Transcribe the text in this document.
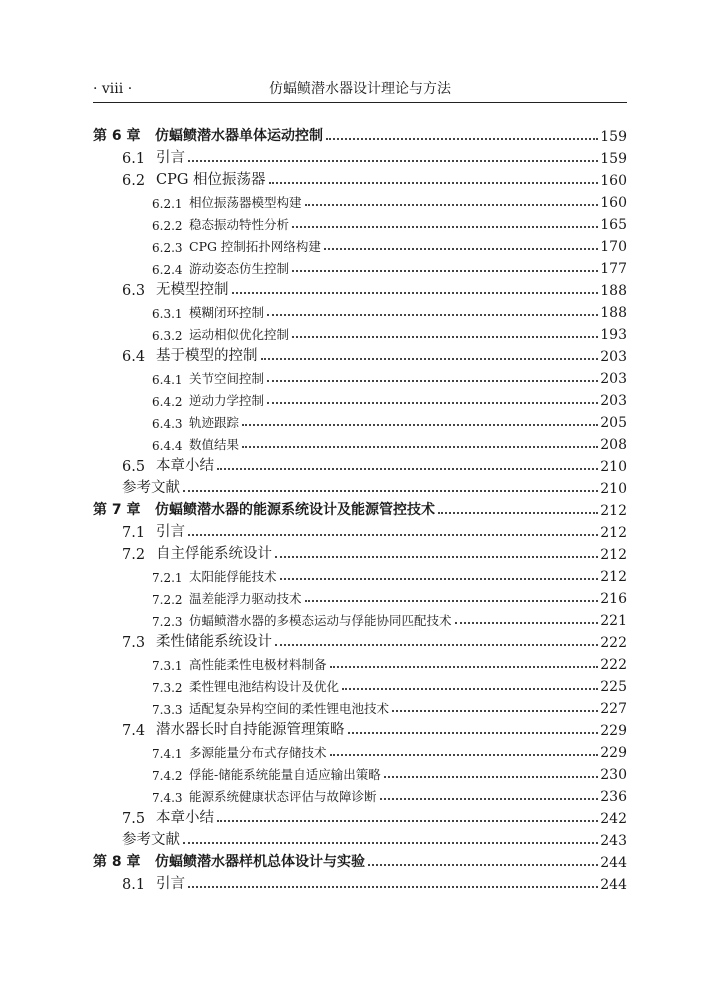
· viii ·	仿蝠鲼潜水器设计理论与方法
第 6 章	仿蝠鲼潜水器单体运动控制	159
6.1 引言	159
6.2 CPG 相位振荡器	160
6.2.1 相位振荡器模型构建	160
6.2.2 稳态振动特性分析	165
6.2.3 CPG 控制拓扑网络构建	170
6.2.4 游动姿态仿生控制	177
6.3 无模型控制	188
6.3.1 模糊闭环控制	188
6.3.2 运动相似优化控制	193
6.4 基于模型的控制	203
6.4.1 关节空间控制	203
6.4.2 逆动力学控制	203
6.4.3 轨迹跟踪	205
6.4.4 数值结果	208
6.5 本章小结	210
参考文献	210
第 7 章	仿蝠鲼潜水器的能源系统设计及能源管控技术	212
7.1 引言	212
7.2 自主俘能系统设计	212
7.2.1 太阳能俘能技术	212
7.2.2 温差能浮力驱动技术	216
7.2.3 仿蝠鲼潜水器的多模态运动与俘能协同匹配技术	221
7.3 柔性储能系统设计	222
7.3.1 高性能柔性电极材料制备	222
7.3.2 柔性锂电池结构设计及优化	225
7.3.3 适配复杂异构空间的柔性锂电池技术	227
7.4 潜水器长时自持能源管理策略	229
7.4.1 多源能量分布式存储技术	229
7.4.2 俘能-储能系统能量自适应输出策略	230
7.4.3 能源系统健康状态评估与故障诊断	236
7.5 本章小结	242
参考文献	243
第 8 章	仿蝠鲼潜水器样机总体设计与实验	244
8.1 引言	244
